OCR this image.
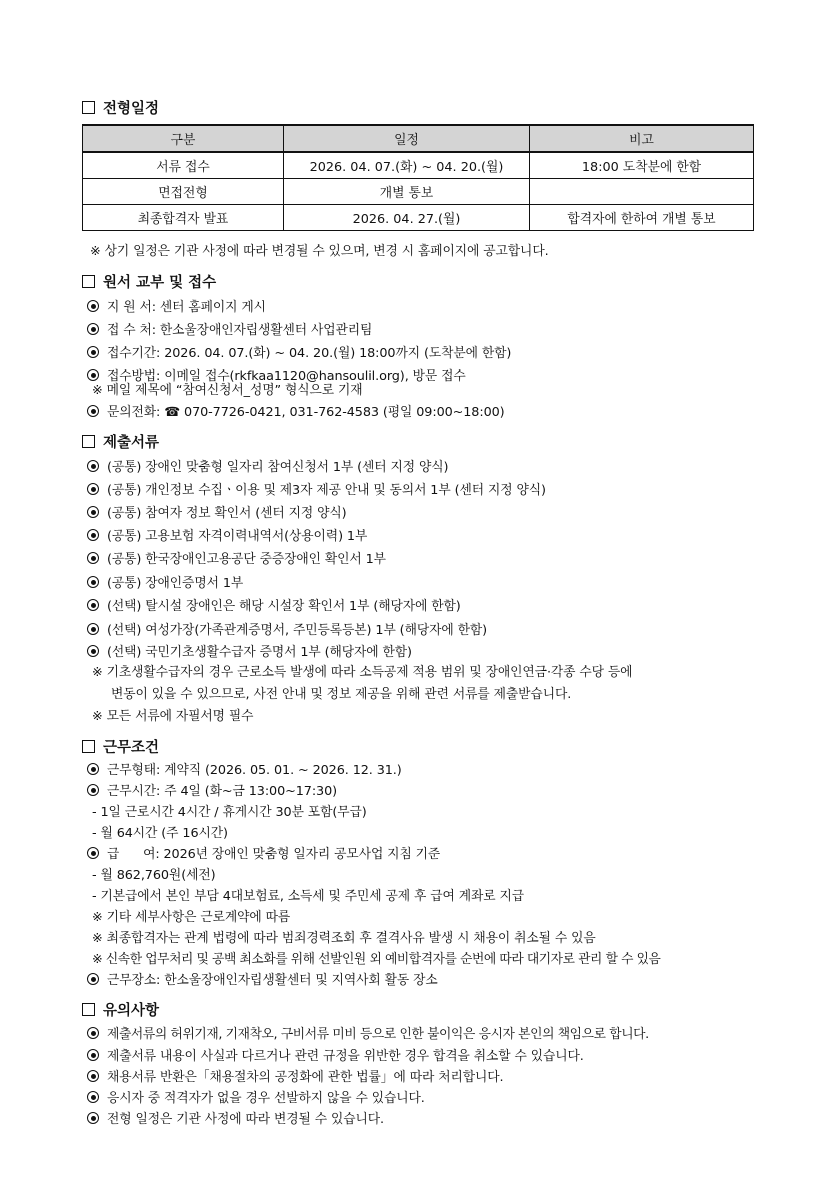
전형일정
구분	일정	비고
서류 접수	2026. 04. 07.(화) ~ 04. 20.(월)	18:00 도착분에 한함
면접전형	개별 통보	
최종합격자 발표	2026. 04. 27.(월)	합격자에 한하여 개별 통보
※ 상기 일정은 기관 사정에 따라 변경될 수 있으며, 변경 시 홈페이지에 공고합니다.
원서 교부 및 접수
지 원 서: 센터 홈페이지 게시
접 수 처: 한소울장애인자립생활센터 사업관리팀
접수기간: 2026. 04. 07.(화) ~ 04. 20.(월) 18:00까지 (도착분에 한함)
접수방법: 이메일 접수(rkfkaa1120@hansoulil.org), 방문 접수
※ 메일 제목에 “참여신청서_성명” 형식으로 기재
문의전화: ☎ 070-7726-0421, 031-762-4583 (평일 09:00~18:00)
제출서류
(공통) 장애인 맞춤형 일자리 참여신청서 1부 (센터 지정 양식)
(공통) 개인정보 수집ㆍ이용 및 제3자 제공 안내 및 동의서 1부 (센터 지정 양식)
(공통) 참여자 정보 확인서 (센터 지정 양식)
(공통) 고용보험 자격이력내역서(상용이력) 1부
(공통) 한국장애인고용공단 중증장애인 확인서 1부
(공통) 장애인증명서 1부
(선택) 탈시설 장애인은 해당 시설장 확인서 1부 (해당자에 한함)
(선택) 여성가장(가족관계증명서, 주민등록등본) 1부 (해당자에 한함)
(선택) 국민기초생활수급자 증명서 1부 (해당자에 한함)
※ 기초생활수급자의 경우 근로소득 발생에 따라 소득공제 적용 범위 및 장애인연금·각종 수당 등에
변동이 있을 수 있으므로, 사전 안내 및 정보 제공을 위해 관련 서류를 제출받습니다.
※ 모든 서류에 자필서명 필수
근무조건
근무형태: 계약직 (2026. 05. 01. ~ 2026. 12. 31.)
근무시간: 주 4일 (화~금 13:00~17:30)
- 1일 근로시간 4시간 / 휴게시간 30분 포함(무급)
- 월 64시간 (주 16시간)
급      여: 2026년 장애인 맞춤형 일자리 공모사업 지침 기준
- 월 862,760원(세전)
- 기본급에서 본인 부담 4대보험료, 소득세 및 주민세 공제 후 급여 계좌로 지급
※ 기타 세부사항은 근로계약에 따름
※ 최종합격자는 관계 법령에 따라 범죄경력조회 후 결격사유 발생 시 채용이 취소될 수 있음
※ 신속한 업무처리 및 공백 최소화를 위해 선발인원 외 예비합격자를 순번에 따라 대기자로 관리 할 수 있음
근무장소: 한소울장애인자립생활센터 및 지역사회 활동 장소
유의사항
제출서류의 허위기재, 기재착오, 구비서류 미비 등으로 인한 불이익은 응시자 본인의 책임으로 합니다.
제출서류 내용이 사실과 다르거나 관련 규정을 위반한 경우 합격을 취소할 수 있습니다.
채용서류 반환은「채용절차의 공정화에 관한 법률」에 따라 처리합니다.
응시자 중 적격자가 없을 경우 선발하지 않을 수 있습니다.
전형 일정은 기관 사정에 따라 변경될 수 있습니다.
